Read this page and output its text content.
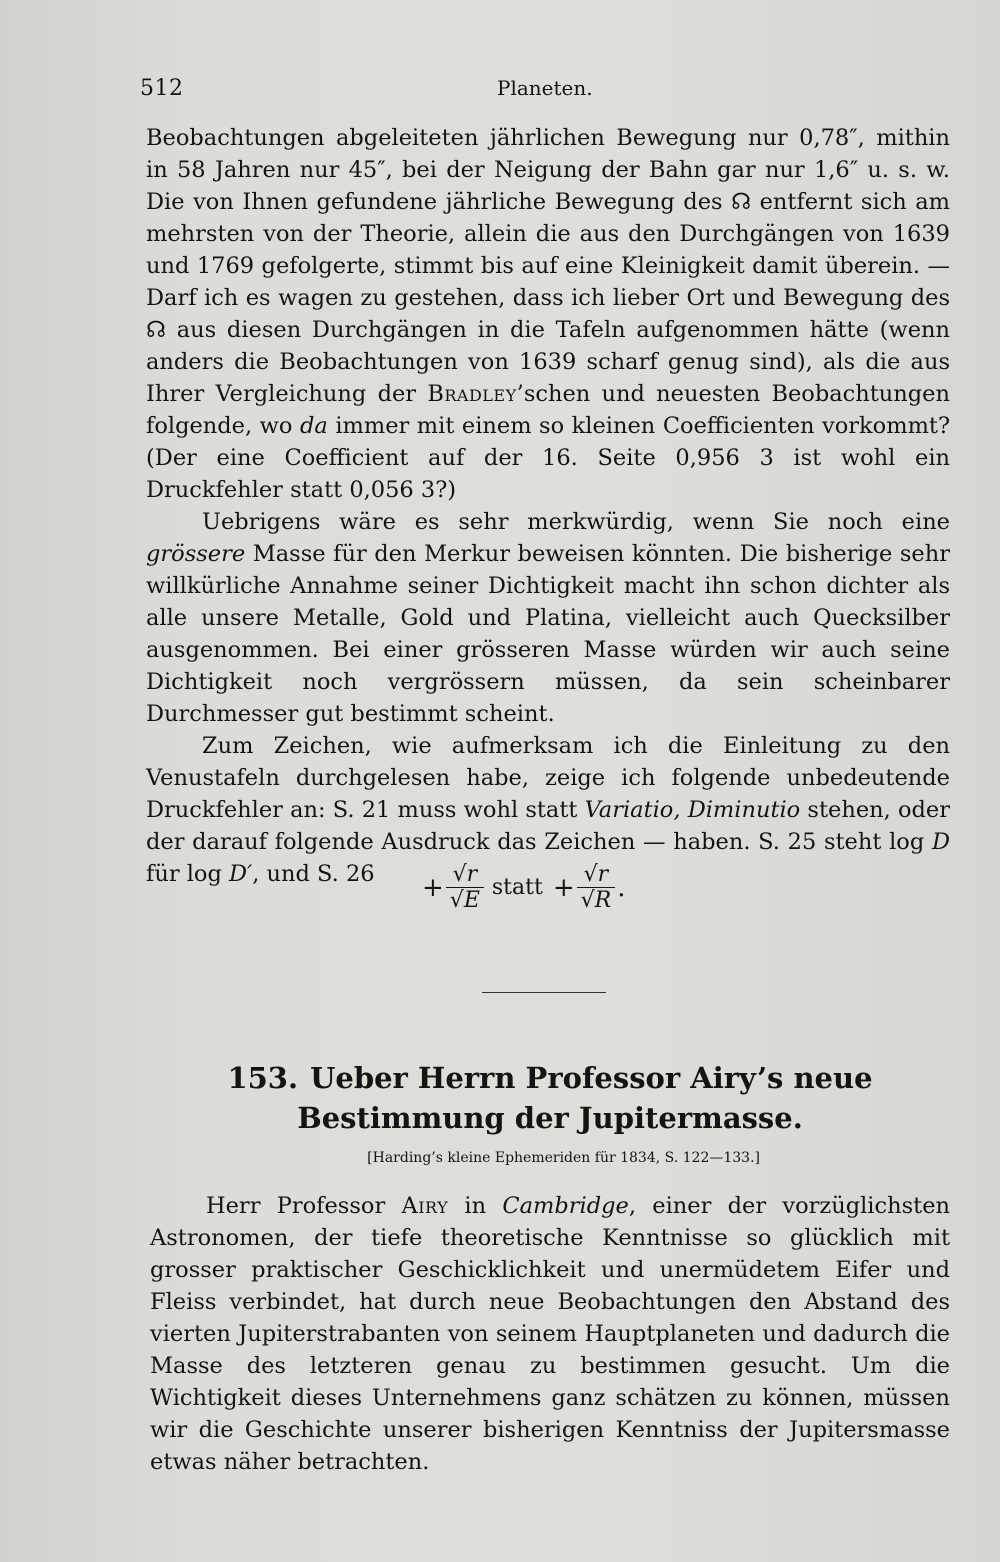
512	Planeten.

Beobachtungen abgeleiteten jährlichen Bewegung nur 0,78″, mithin in 58 Jahren nur 45″, bei der Neigung der Bahn gar nur 1,6″ u. s. w. Die von Ihnen gefundene jährliche Bewegung des ☊ entfernt sich am mehrsten von der Theorie, allein die aus den Durchgängen von 1639 und 1769 gefolgerte, stimmt bis auf eine Kleinigkeit damit überein. — Darf ich es wagen zu gestehen, dass ich lieber Ort und Bewegung des ☊ aus diesen Durchgängen in die Tafeln aufgenommen hätte (wenn anders die Beobachtungen von 1639 scharf genug sind), als die aus Ihrer Vergleichung der Bradley’schen und neuesten Beobachtungen folgende, wo da immer mit einem so kleinen Coefficienten vorkommt? (Der eine Coefficient auf der 16. Seite 0,956 3 ist wohl ein Druckfehler statt 0,056 3?)

Uebrigens wäre es sehr merkwürdig, wenn Sie noch eine grössere Masse für den Merkur beweisen könnten. Die bisherige sehr willkürliche Annahme seiner Dichtigkeit macht ihn schon dichter als alle unsere Metalle, Gold und Platina, vielleicht auch Quecksilber ausgenommen. Bei einer grösseren Masse würden wir auch seine Dichtigkeit noch vergrössern müssen, da sein scheinbarer Durchmesser gut bestimmt scheint.

Zum Zeichen, wie aufmerksam ich die Einleitung zu den Venustafeln durchgelesen habe, zeige ich folgende unbedeutende Druckfehler an: S. 21 muss wohl statt Variatio, Diminutio stehen, oder der darauf folgende Ausdruck das Zeichen — haben. S. 25 steht log D für log D′, und S. 26	+ $\frac{√r}{√E}$ statt + $\frac{√r}{√R}$ .
153. Ueber Herrn Professor Airy’s neue Bestimmung der Jupitermasse.
[Harding’s kleine Ephemeriden für 1834, S. 122—133.]

Herr Professor Airy in Cambridge, einer der vorzüglichsten Astronomen, der tiefe theoretische Kenntnisse so glücklich mit grosser praktischer Geschicklichkeit und unermüdetem Eifer und Fleiss verbindet, hat durch neue Beobachtungen den Abstand des vierten Jupiterstrabanten von seinem Hauptplaneten und dadurch die Masse des letzteren genau zu bestimmen gesucht. Um die Wichtigkeit dieses Unternehmens ganz schätzen zu können, müssen wir die Geschichte unserer bisherigen Kenntniss der Jupitersmasse etwas näher betrachten.
